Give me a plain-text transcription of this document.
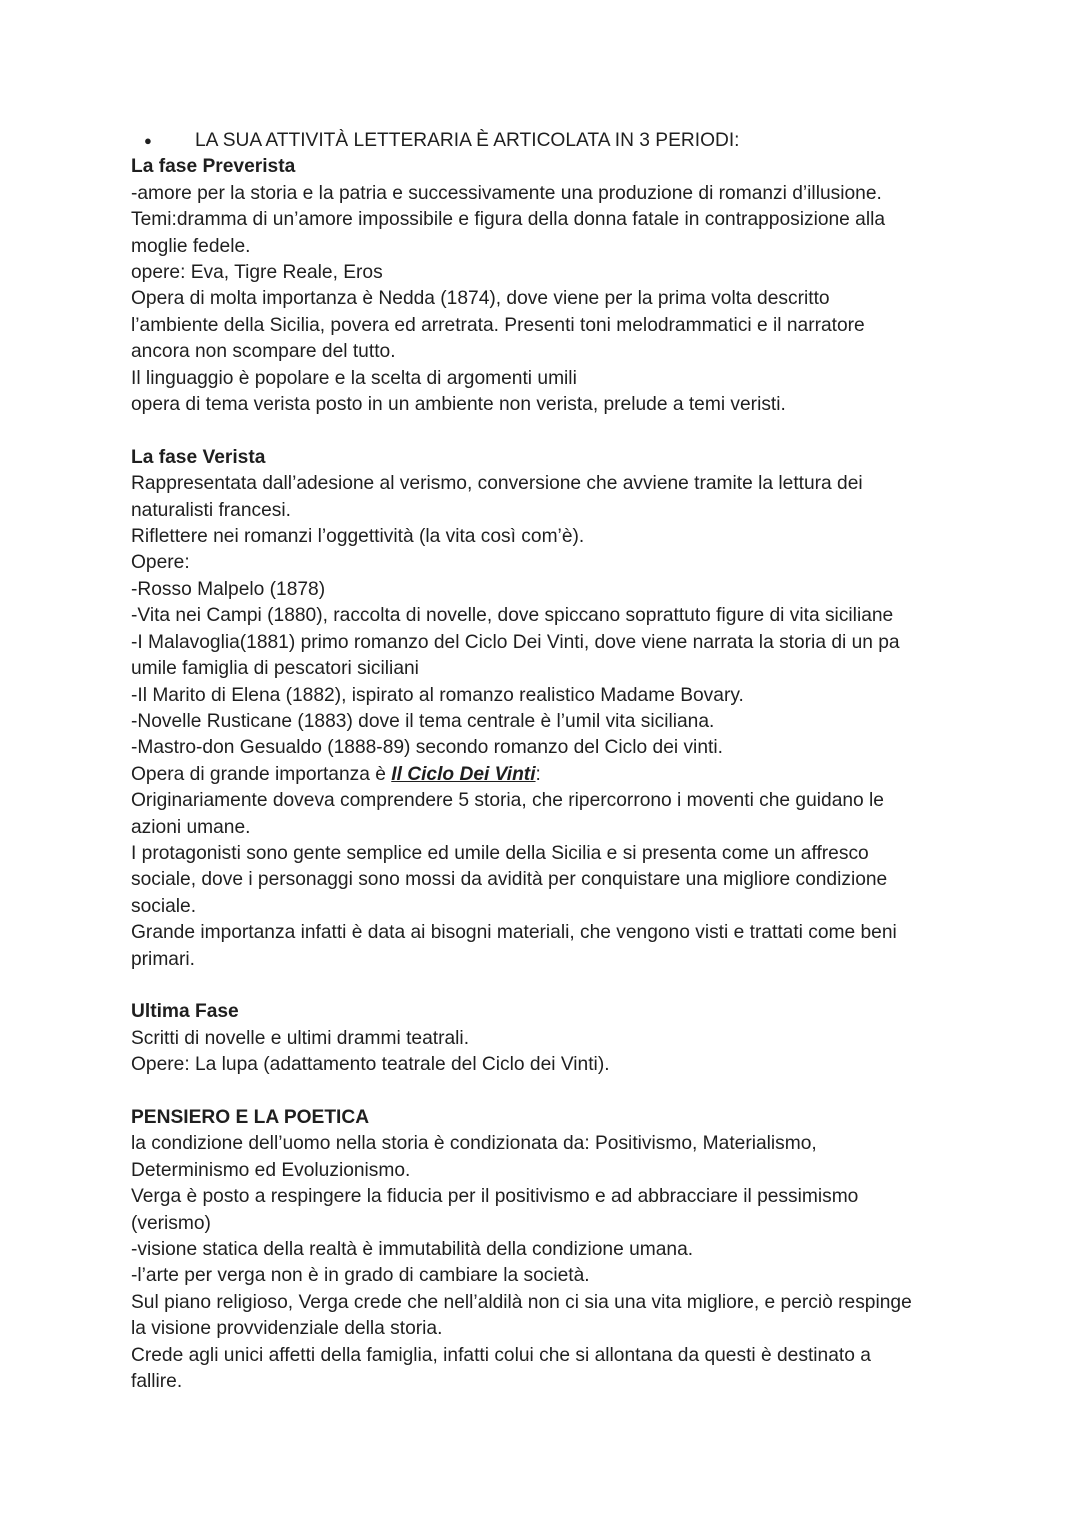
● LA SUA ATTIVITÀ LETTERARIA È ARTICOLATA IN 3 PERIODI:
La fase Preverista
-amore per la storia e la patria e successivamente una produzione di romanzi d’illusione.
Temi:dramma di un’amore impossibile e figura della donna fatale in contrapposizione alla
moglie fedele.
opere: Eva, Tigre Reale, Eros
Opera di molta importanza è Nedda (1874), dove viene per la prima volta descritto
l’ambiente della Sicilia, povera ed arretrata. Presenti toni melodrammatici e il narratore
ancora non scompare del tutto.
Il linguaggio è popolare e la scelta di argomenti umili
opera di tema verista posto in un ambiente non verista, prelude a temi veristi.
La fase Verista
Rappresentata dall’adesione al verismo, conversione che avviene tramite la lettura dei
naturalisti francesi.
Riflettere nei romanzi l’oggettività (la vita così com’è).
Opere:
-Rosso Malpelo (1878)
-Vita nei Campi (1880), raccolta di novelle, dove spiccano soprattuto figure di vita siciliane
-I Malavoglia(1881) primo romanzo del Ciclo Dei Vinti, dove viene narrata la storia di un pa
umile famiglia di pescatori siciliani
-Il Marito di Elena (1882), ispirato al romanzo realistico Madame Bovary.
-Novelle Rusticane (1883) dove il tema centrale è l’umil vita siciliana.
-Mastro-don Gesualdo (1888-89) secondo romanzo del Ciclo dei vinti.
Opera di grande importanza è Il Ciclo Dei Vinti:
Originariamente doveva comprendere 5 storia, che ripercorrono i moventi che guidano le
azioni umane.
I protagonisti sono gente semplice ed umile della Sicilia e si presenta come un affresco
sociale, dove i personaggi sono mossi da avidità per conquistare una migliore condizione
sociale.
Grande importanza infatti è data ai bisogni materiali, che vengono visti e trattati come beni
primari.
Ultima Fase
Scritti di novelle e ultimi drammi teatrali.
Opere: La lupa (adattamento teatrale del Ciclo dei Vinti).
PENSIERO E LA POETICA
la condizione dell’uomo nella storia è condizionata da: Positivismo, Materialismo,
Determinismo ed Evoluzionismo.
Verga è posto a respingere la fiducia per il positivismo e ad abbracciare il pessimismo
(verismo)
-visione statica della realtà è immutabilità della condizione umana.
-l’arte per verga non è in grado di cambiare la società.
Sul piano religioso, Verga crede che nell’aldilà non ci sia una vita migliore, e perciò respinge
la visione provvidenziale della storia.
Crede agli unici affetti della famiglia, infatti colui che si allontana da questi è destinato a
fallire.
